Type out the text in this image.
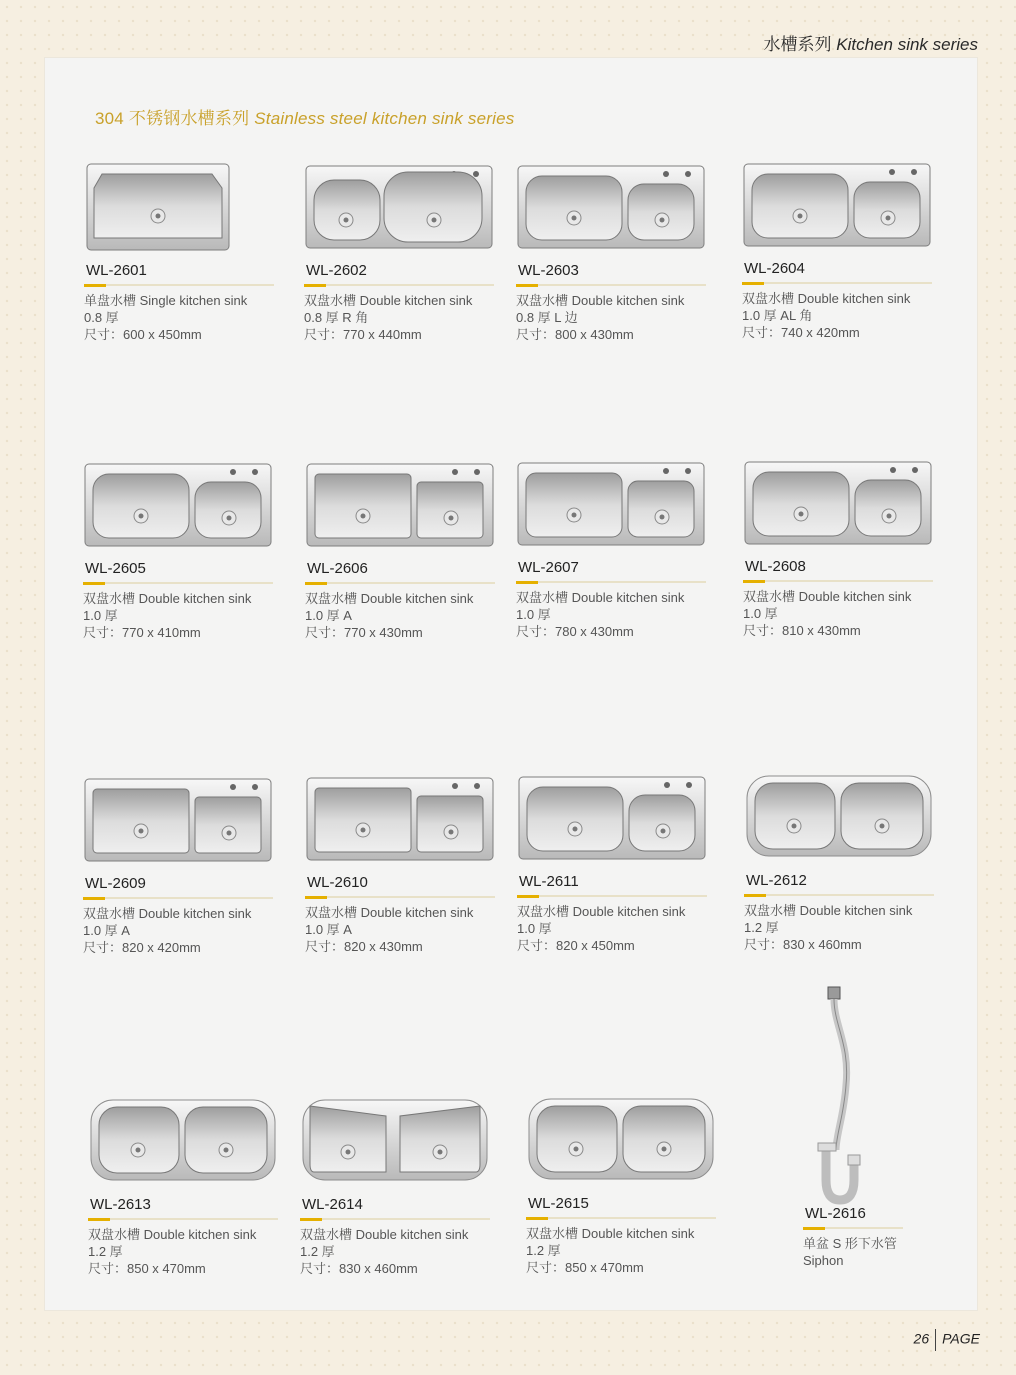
水槽系列 Kitchen sink series
304 不锈钢水槽系列 Stainless steel kitchen sink series
WL-2601
单盘水槽 Single kitchen sink
0.8 厚
尺寸：600 x 450mm
WL-2602
双盘水槽 Double kitchen sink
0.8 厚 R 角
尺寸：770 x 440mm
WL-2603
双盘水槽 Double kitchen sink
0.8 厚 L 边
尺寸：800 x 430mm
WL-2604
双盘水槽 Double kitchen sink
1.0 厚 AL 角
尺寸：740 x 420mm
WL-2605
双盘水槽 Double kitchen sink
1.0 厚
尺寸：770 x 410mm
WL-2606
双盘水槽 Double kitchen sink
1.0 厚 A
尺寸：770 x 430mm
WL-2607
双盘水槽 Double kitchen sink
1.0 厚
尺寸：780 x 430mm
WL-2608
双盘水槽 Double kitchen sink
1.0 厚
尺寸：810 x 430mm
WL-2609
双盘水槽 Double kitchen sink
1.0 厚 A
尺寸：820 x 420mm
WL-2610
双盘水槽 Double kitchen sink
1.0 厚 A
尺寸：820 x 430mm
WL-2611
双盘水槽 Double kitchen sink
1.0 厚
尺寸：820 x 450mm
WL-2612
双盘水槽 Double kitchen sink
1.2 厚
尺寸：830 x 460mm
WL-2613
双盘水槽 Double kitchen sink
1.2 厚
尺寸：850 x 470mm
WL-2614
双盘水槽 Double kitchen sink
1.2 厚
尺寸：830 x 460mm
WL-2615
双盘水槽 Double kitchen sink
1.2 厚
尺寸：850 x 470mm
WL-2616
单盆 S 形下水管
Siphon
26 PAGE
